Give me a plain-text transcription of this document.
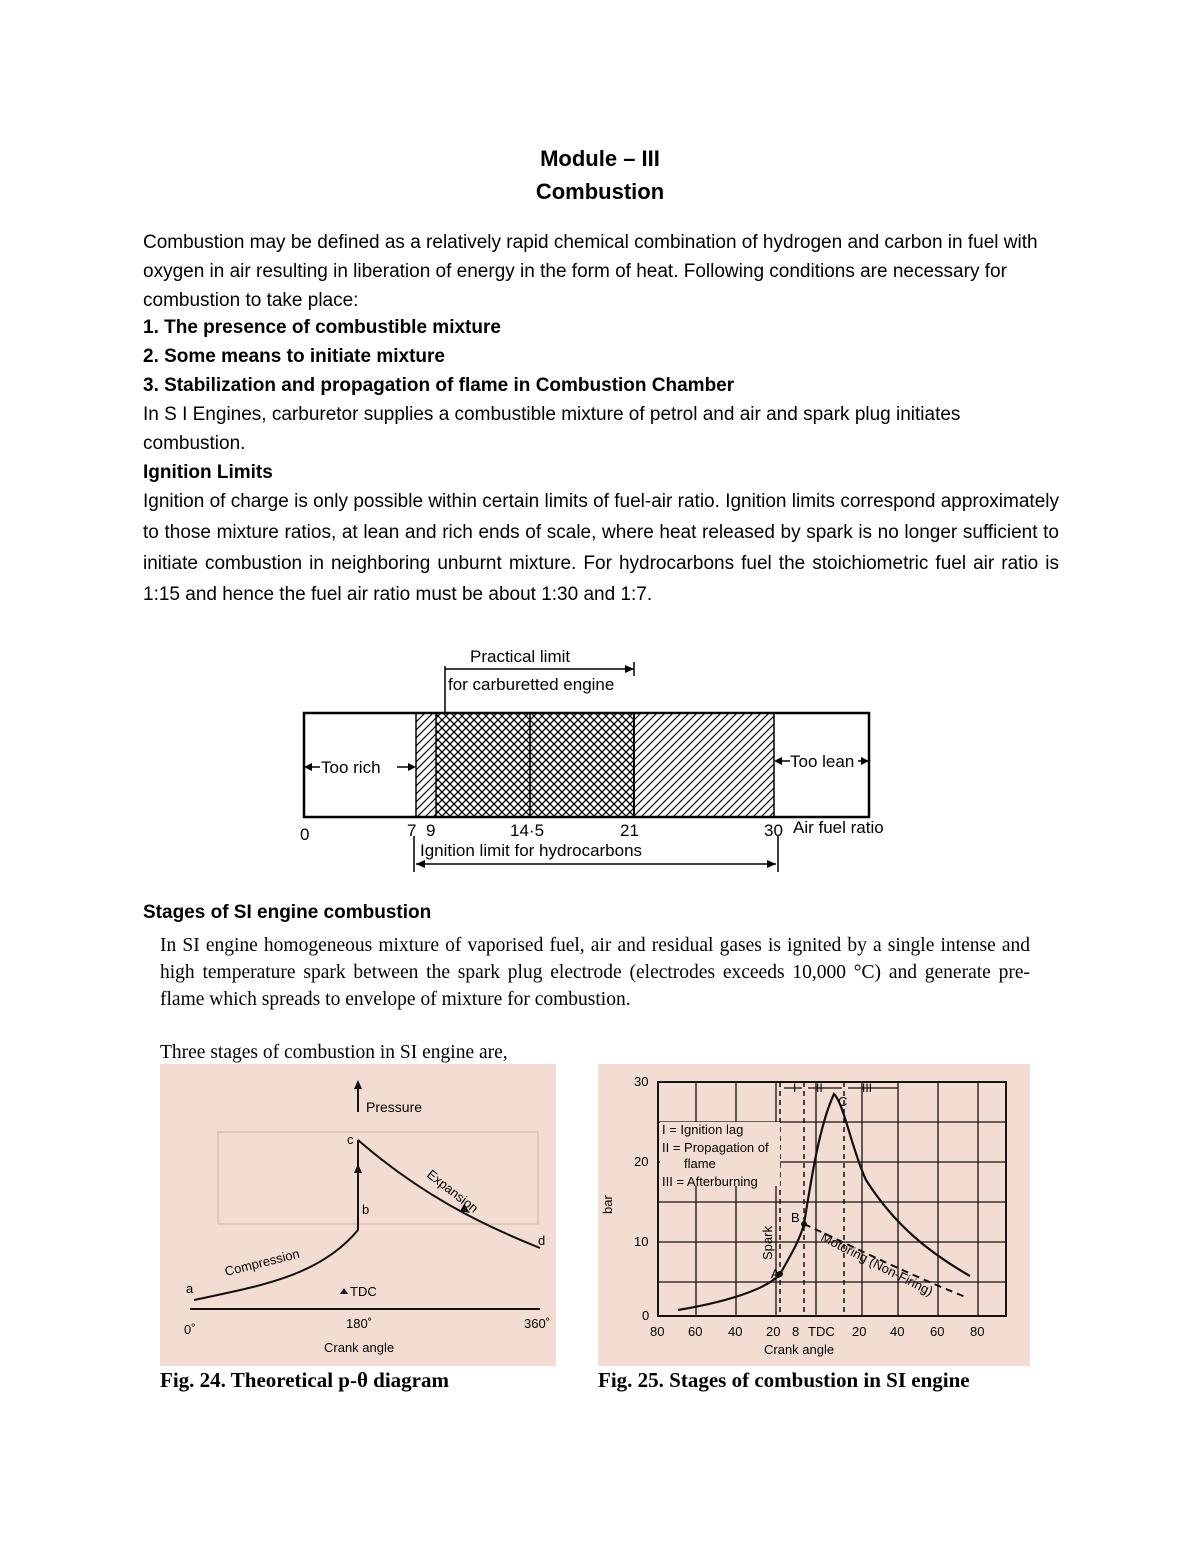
Module – III
Combustion
Combustion may be defined as a relatively rapid chemical combination of hydrogen and carbon in fuel with oxygen in air resulting in liberation of energy in the form of heat. Following conditions are necessary for combustion to take place:
1. The presence of combustible mixture
2. Some means to initiate mixture
3. Stabilization and propagation of flame in Combustion Chamber
In S I Engines, carburetor supplies a combustible mixture of petrol and air and spark plug initiates combustion.
Ignition Limits
Ignition of charge is only possible within certain limits of fuel-air ratio. Ignition limits correspond approximately to those mixture ratios, at lean and rich ends of scale, where heat released by spark is no longer sufficient to initiate combustion in neighboring unburnt mixture. For hydrocarbons fuel the stoichiometric fuel air ratio is 1:15 and hence the fuel air ratio must be about 1:30 and 1:7.
Practical limit
for carburetted engine
Too rich	Too lean
0	7 9	14·5	21	30 Air fuel ratio
Ignition limit for hydrocarbons
Stages of SI engine combustion
In SI engine homogeneous mixture of vaporised fuel, air and residual gases is ignited by a single intense and high temperature spark between the spark plug electrode (electrodes exceeds 10,000 °C) and generate pre-flame which spreads to envelope of mixture for combustion.
Three stages of combustion in SI engine are,
Pressure
a
b
c
d
Compression
Expansion
TDC
0˚	180˚	360˚
Crank angle
Fig. 24. Theoretical p-θ diagram
A
B
C
I II	III
I = Ignition lag
II = Propagation of
flame
III = Afterburning
Spark	Motoring (Non-Firing)
30
20
10
0
bar
80 60 40 20 8 TDC 20 40 60 80
Crank angle
Fig. 25. Stages of combustion in SI engine
